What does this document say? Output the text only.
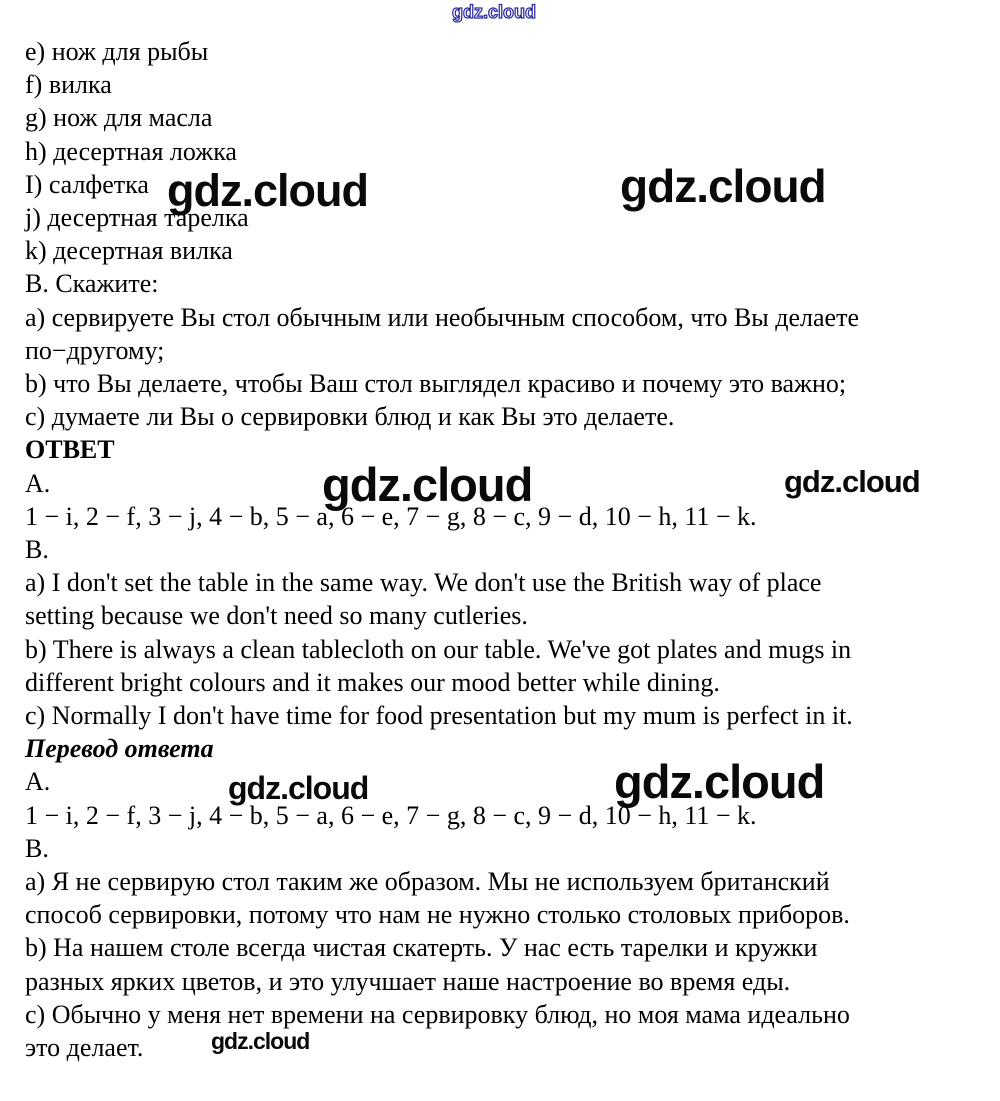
gdz.cloud
gdz.cloud	gdz.cloud
gdz.cloud	gdz.cloud
gdz.cloud	gdz.cloud
gdz.cloud
e) нож для рыбы
f) вилка
g) нож для масла
h) десертная ложка
I) салфетка
j) десертная тарелка
k) десертная вилка
B. Скажите:
a) сервируете Вы стол обычным или необычным способом, что Вы делаете
по−другому;
b) что Вы делаете, чтобы Ваш стол выглядел красиво и почему это важно;
c) думаете ли Вы о сервировки блюд и как Вы это делаете.
ОТВЕТ
A.
1 − i, 2 − f, 3 − j, 4 − b, 5 − a, 6 − e, 7 − g, 8 − c, 9 − d, 10 − h, 11 − k.
B.
a) I don't set the table in the same way. We don't use the British way of place
setting because we don't need so many cutleries.
b) There is always a clean tablecloth on our table. We've got plates and mugs in
different bright colours and it makes our mood better while dining.
c) Normally I don't have time for food presentation but my mum is perfect in it.
Перевод ответа
A.
1 − i, 2 − f, 3 − j, 4 − b, 5 − a, 6 − e, 7 − g, 8 − c, 9 − d, 10 − h, 11 − k.
B.
a) Я не сервирую стол таким же образом. Мы не используем британский
способ сервировки, потому что нам не нужно столько столовых приборов.
b) На нашем столе всегда чистая скатерть. У нас есть тарелки и кружки
разных ярких цветов, и это улучшает наше настроение во время еды.
c) Обычно у меня нет времени на сервировку блюд, но моя мама идеально
это делает.
